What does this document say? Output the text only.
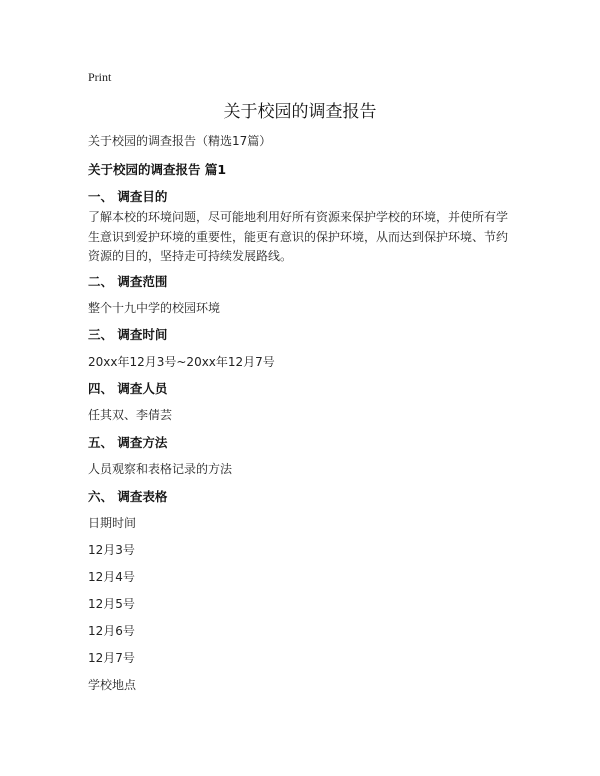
Print
关于校园的调查报告
关于校园的调查报告（精选17篇）
关于校园的调查报告 篇1
一、 调查目的
了解本校的环境问题，尽可能地利用好所有资源来保护学校的环境，并使所有学生意识到爱护环境的重要性，能更有意识的保护环境，从而达到保护环境、节约资源的目的，坚持走可持续发展路线。
二、 调查范围
整个十九中学的校园环境
三、 调查时间
20xx年12月3号~20xx年12月7号
四、 调查人员
任其双、李倩芸
五、 调查方法
人员观察和表格记录的方法
六、 调查表格
日期时间
12月3号
12月4号
12月5号
12月6号
12月7号
学校地点
